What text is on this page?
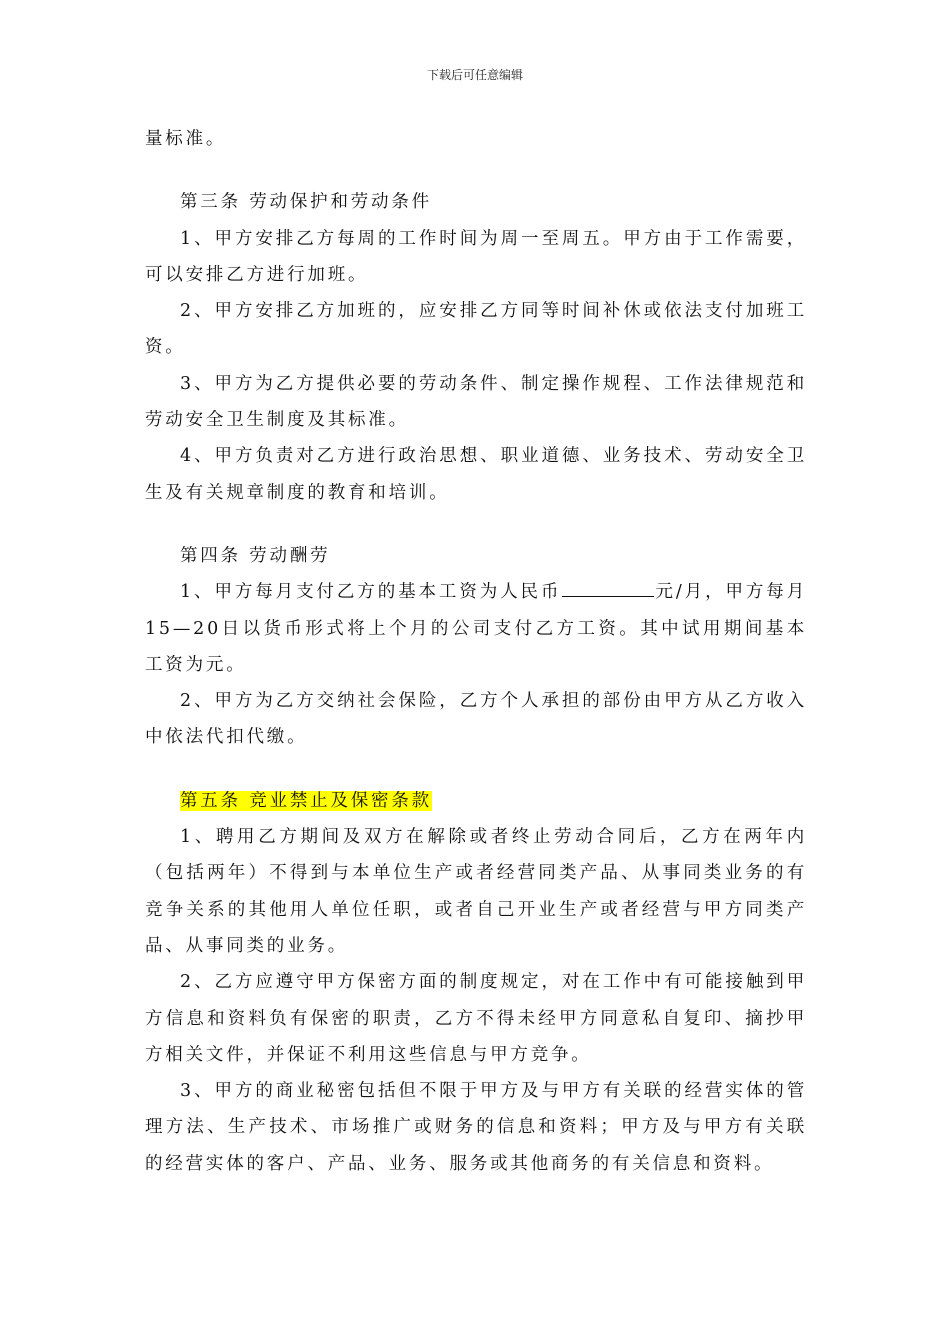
下载后可任意编辑

量标准。

第三条 劳动保护和劳动条件

1、甲方安排乙方每周的工作时间为周一至周五。甲方由于工作需要，可以安排乙方进行加班。

2、甲方安排乙方加班的，应安排乙方同等时间补休或依法支付加班工资。

3、甲方为乙方提供必要的劳动条件、制定操作规程、工作法律规范和劳动安全卫生制度及其标准。

4、甲方负责对乙方进行政治思想、职业道德、业务技术、劳动安全卫生及有关规章制度的教育和培训。

第四条 劳动酬劳

1、甲方每月支付乙方的基本工资为人民币	元/月，甲方每月15—20日以货币形式将上个月的公司支付乙方工资。其中试用期间基本工资为元。

2、甲方为乙方交纳社会保险，乙方个人承担的部份由甲方从乙方收入中依法代扣代缴。

第五条 竞业禁止及保密条款

1、聘用乙方期间及双方在解除或者终止劳动合同后，乙方在两年内（包括两年）不得到与本单位生产或者经营同类产品、从事同类业务的有竞争关系的其他用人单位任职，或者自己开业生产或者经营与甲方同类产品、从事同类的业务。

2、乙方应遵守甲方保密方面的制度规定，对在工作中有可能接触到甲方信息和资料负有保密的职责，乙方不得未经甲方同意私自复印、摘抄甲方相关文件，并保证不利用这些信息与甲方竞争。

3、甲方的商业秘密包括但不限于甲方及与甲方有关联的经营实体的管理方法、生产技术、市场推广或财务的信息和资料；甲方及与甲方有关联的经营实体的客户、产品、业务、服务或其他商务的有关信息和资料。
